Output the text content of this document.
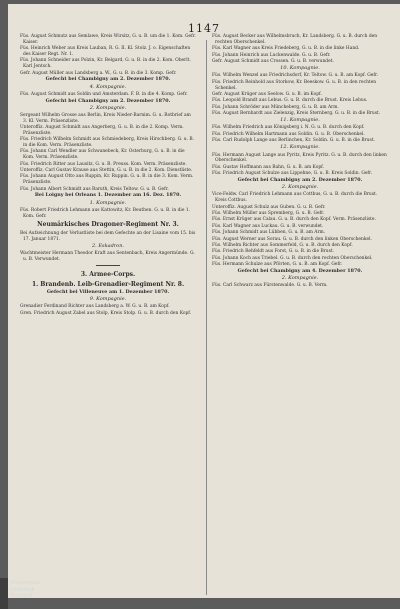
1147

Füs. August Schmutz aus Semlawe, Kreis Wirsitz, G. u. B. um die 1. Kom. Gefr. Kaiser.

Füs. Heinrich Weber aus Kreis Lauban, R. G. II. Kl. Stolz. J. o. Eigenschaften des Kaiser Regt. Nr. 1.

Füs. Johann Schneider aus Polzin, Kr. Belgard, G. u. B. in die 2. Kom. Oberlt. Karl Jentsch.

Gefr. August Müller aus Landsberg a. W., G. u. B. in die 3. Komp. Gefr.

Gefecht bei Chambigny am 2. Dezember 1870.
4. Kompagnie.

Füs. August Schmidt aus Soldin und Amsterdam. F. B. in die 4. Komp. Gefr.

Gefecht bei Chambigny am 2. Dezember 1870.
2. Kompagnie.

Sergeant Wilhelm Grosse aus Berlin, Kreis Nieder-Barnim. G. u. Rotbrief am 3. Kl. Verm. Präsenzliste.

Unteroffiz. August Schmidt aus Angerberg, G. u. B. in die 2. Komp. Verm. Präsenzliste.

Füs. Friedrich Wilhelm Schmidt aus Schmiedeberg, Kreis Hirschberg. G. u. B. in die Kom. Verm. Präsenzliste.

Füs. Johann Carl Wendler aus Schwanebeck, Kr. Osterburg, G. u. B. in die Kom. Verm. Präsenzliste.

Füs. Friedrich Ritter aus Lausitz, G. u. B. Preuss. Kom. Verm. Präsenzliste.

Unteroffiz. Carl Gustav Krause aus Stettin, G. u. B. in die 2. Kom. Dienstliste.

Füs. Johann August Otto aus Ruppin, Kr. Ruppin. G. u. B. in die 3. Kom. Verm. Präsenzliste.

Füs. Johann Albert Schmidt aus Baruth, Kreis Teltow. G. u. B. Gefr.

Bei Loigny bei Orleans 1. Dezember am 16. Dez. 1870.
1. Kompagnie.

Füs. Robert Friedrich Lehmann aus Kattowitz, Kr. Beuthen. G. u. B. in die 1. Kom. Gefr.

Neumärkisches Dragoner-Regiment Nr. 3.

Bei Aufzeichnung der Verlustliste bei dem Gefechte an der Lisaine vom 15. bis 17. Januar 1871.

2. Eskadron.

Wachtmeister Hermann Theodor Kraft aus Sentenbach, Kreis Angermünde. G. u. B. Verwundet.

3. Armee-Corps.
1. Brandenb. Leib-Grenadier-Regiment Nr. 8.
Gefecht bei Villeneuve am 1. Dezember 1870.
9. Kompagnie.

Grenadier Ferdinand Richter aus Landsberg a. W. G. u. B. am Kopf.

Gren. Friedrich August Zabel aus Stolp, Kreis Stolp. G. u. B. durch den Kopf.

Füs. August Becker aus Wilhelmsbruch, Kr. Landsberg. G. u. B. durch den rechten Oberschenkel.

Füs. Karl Wagner aus Kreis Friedeberg, G. u. B. in die linke Hand.

Füs. Johann Heinrich aus Luckenwalde. G. u. B. Gefr.

Gefr. August Schmidt aus Crossen. G. u. B. verwundet.

10. Kompagnie.

Füs. Wilhelm Wenzel aus Friedrichsdorf, Kr. Teltow. G. u. B. am Kopf. Gefr.

Füs. Friedrich Reinhold aus Storkow, Kr. Beeskow. G. u. B. in den rechten Schenkel.

Gefr. August Krüger aus Seelow. G. u. B. im Kopf.

Füs. Leopold Brandt aus Lebus. G. u. B. durch die Brust. Kreis Lebus.

Füs. Johann Schröder aus Müncheberg, G. u. B. am Arm.

Füs. August Bernhardt aus Zielenzig, Kreis Sternberg. G. u. B. in die Brust.

11. Kompagnie.

Füs. Wilhelm Friedrich aus Königsberg i. N. G. u. B. durch den Kopf.

Füs. Friedrich Wilhelm Hartmann aus Soldin. G. u. B. Oberschenkel.

Füs. Carl Rudolph Lange aus Berlinchen, Kr. Soldin. G. u. B. in die Brust.

12. Kompagnie.

Füs. Hermann August Lange aus Pyritz, Kreis Pyritz. G. u. B. durch den linken Oberschenkel.

Füs. Gustav Hoffmann aus Bahn, G. u. B. am Kopf.

Füs. Friedrich August Schulze aus Lippehne, G. u. B. Kreis Soldin. Gefr.

Gefecht bei Chambigny am 2. Dezember 1870.
2. Kompagnie.

Vice-Feldw. Carl Friedrich Lehmann aus Cottbus, G. u. B. durch die Brust. Kreis Cottbus.

Unteroffiz. August Schulz aus Guben. G. u. B. Gefr.

Füs. Wilhelm Müller aus Spremberg, G. u. B. Gefr.

Füs. Ernst Krüger aus Calau. G. u. B. durch den Kopf. Verm. Präsenzliste.

Füs. Karl Wagner aus Luckau. G. u. B. verwundet.

Füs. Johann Schmidt aus Lübben, G. u. B. am Arm.

Füs. August Werner aus Sorau. G. u. B. durch den linken Oberschenkel.

Füs. Wilhelm Richter aus Sommerfeld, G. u. B. durch den Kopf.

Füs. Friedrich Rehfeldt aus Forst, G. u. B. in die Brust.

Füs. Johann Koch aus Triebel. G. u. B. durch den rechten Oberschenkel.

Füs. Hermann Schulze aus Pförten, G. u. B. am Kopf. Gefr.

Gefecht bei Chambigny am 4. Dezember 1870.
2. Kompagnie.

Füs. Carl Schwarz aus Fürstenwalde. G. u. B. Verm.

Universitäts-
bibliothek
Stuttgart
